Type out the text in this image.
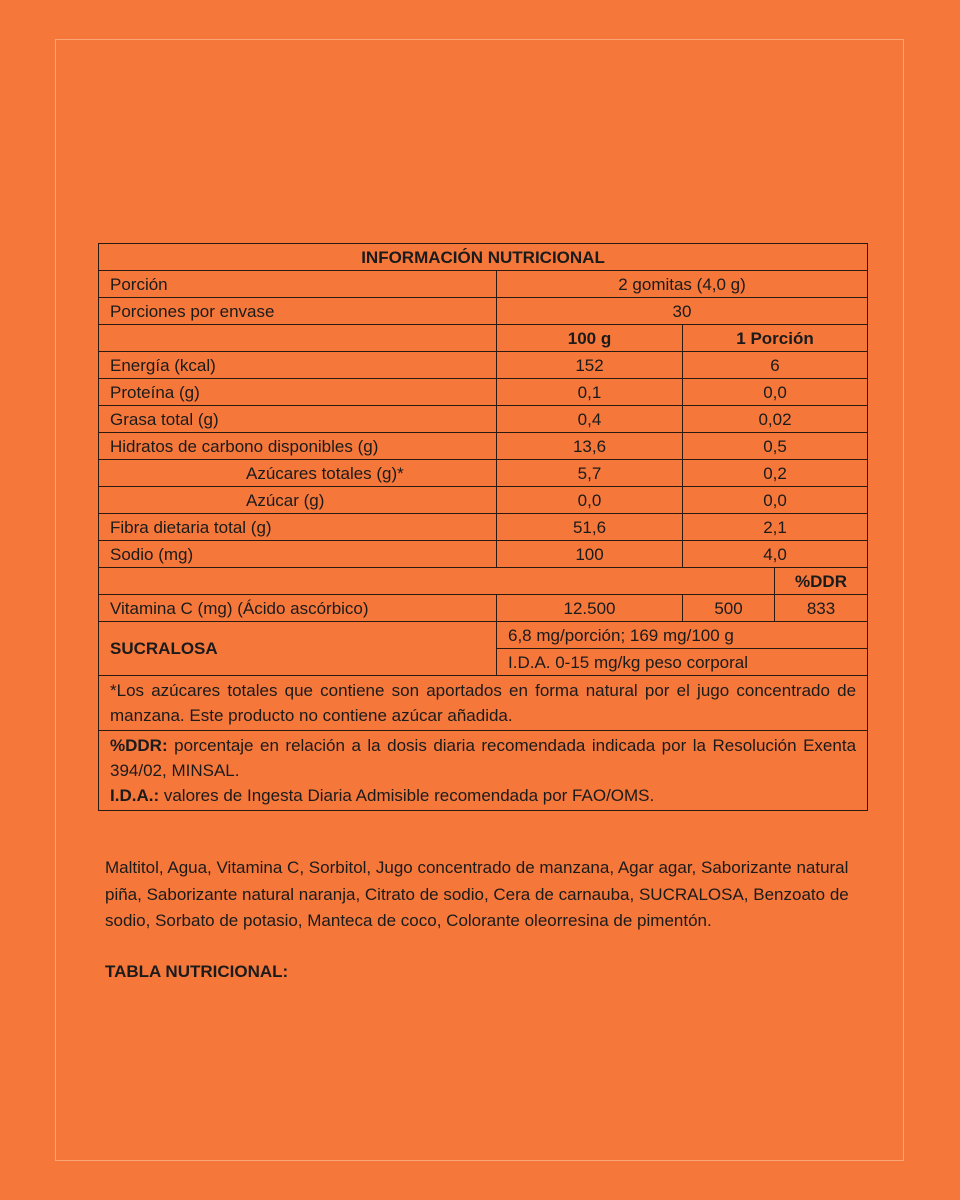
INFORMACIÓN NUTRICIONAL			
Porción	2 gomitas (4,0 g)		
Porciones por envase	30		
	100 g	1 Porción	
Energía (kcal)	152	6	
Proteína (g)	0,1	0,0	
Grasa total (g)	0,4	0,02	
Hidratos de carbono disponibles (g)	13,6	0,5	
Azúcares totales (g)*	5,7	0,2	
Azúcar (g)	0,0	0,0	
Fibra dietaria total (g)	51,6	2,1	
Sodio (mg)	100	4,0	
			%DDR
Vitamina C (mg) (Ácido ascórbico)	12.500	500	833
SUCRALOSA	6,8 mg/porción; 169 mg/100 g		
	I.D.A. 0-15 mg/kg peso corporal		
*Los azúcares totales que contiene son aportados en forma natural por el jugo concentrado de manzana. Este producto no contiene azúcar añadida.			
%DDR: porcentaje en relación a la dosis diaria recomendada indicada por la Resolución Exenta 394/02, MINSAL.
I.D.A.: valores de Ingesta Diaria Admisible recomendada por FAO/OMS.			

Maltitol, Agua, Vitamina C, Sorbitol, Jugo concentrado de manzana, Agar agar, Saborizante natural piña, Saborizante natural naranja, Citrato de sodio, Cera de carnauba, SUCRALOSA, Benzoato de sodio, Sorbato de potasio, Manteca de coco, Colorante oleorresina de pimentón.

TABLA NUTRICIONAL:
